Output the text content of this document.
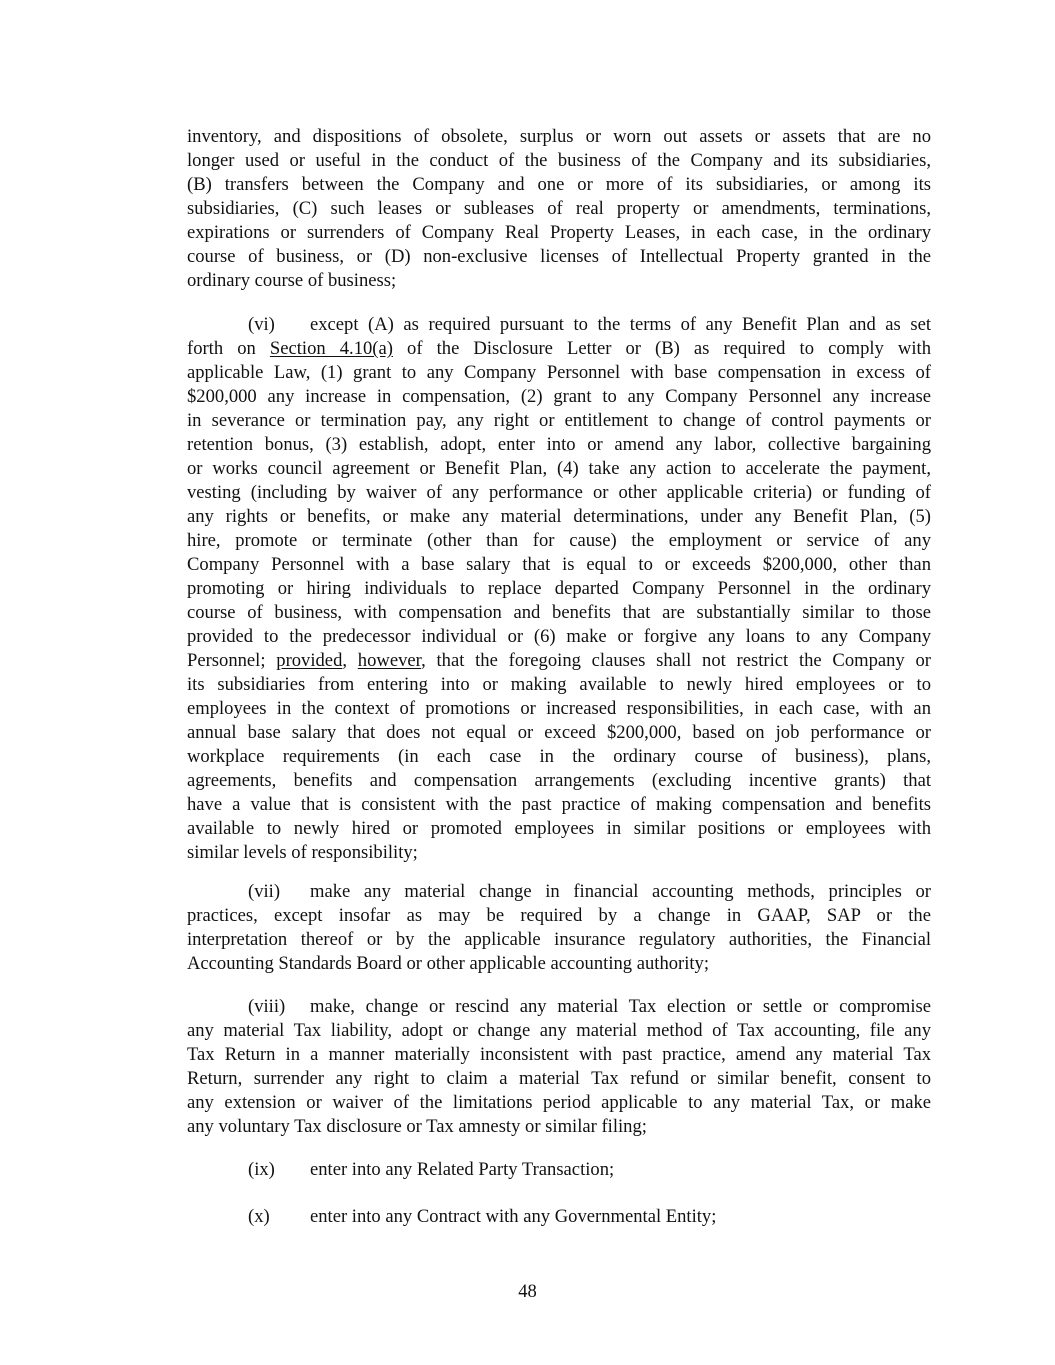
inventory, and dispositions of obsolete, surplus or worn out assets or assets that are no
longer used or useful in the conduct of the business of the Company and its subsidiaries,
(B) transfers between the Company and one or more of its subsidiaries, or among its
subsidiaries, (C) such leases or subleases of real property or amendments, terminations,
expirations or surrenders of Company Real Property Leases, in each case, in the ordinary
course of business, or (D) non-exclusive licenses of Intellectual Property granted in the
ordinary course of business;
(vi) except (A) as required pursuant to the terms of any Benefit Plan and as set
forth on Section 4.10(a) of the Disclosure Letter or (B) as required to comply with
applicable Law, (1) grant to any Company Personnel with base compensation in excess of
$200,000 any increase in compensation, (2) grant to any Company Personnel any increase
in severance or termination pay, any right or entitlement to change of control payments or
retention bonus, (3) establish, adopt, enter into or amend any labor, collective bargaining
or works council agreement or Benefit Plan, (4) take any action to accelerate the payment,
vesting (including by waiver of any performance or other applicable criteria) or funding of
any rights or benefits, or make any material determinations, under any Benefit Plan, (5)
hire, promote or terminate (other than for cause) the employment or service of any
Company Personnel with a base salary that is equal to or exceeds $200,000, other than
promoting or hiring individuals to replace departed Company Personnel in the ordinary
course of business, with compensation and benefits that are substantially similar to those
provided to the predecessor individual or (6) make or forgive any loans to any Company
Personnel; provided, however, that the foregoing clauses shall not restrict the Company or
its subsidiaries from entering into or making available to newly hired employees or to
employees in the context of promotions or increased responsibilities, in each case, with an
annual base salary that does not equal or exceed $200,000, based on job performance or
workplace requirements (in each case in the ordinary course of business), plans,
agreements, benefits and compensation arrangements (excluding incentive grants) that
have a value that is consistent with the past practice of making compensation and benefits
available to newly hired or promoted employees in similar positions or employees with
similar levels of responsibility;
(vii) make any material change in financial accounting methods, principles or
practices, except insofar as may be required by a change in GAAP, SAP or the
interpretation thereof or by the applicable insurance regulatory authorities, the Financial
Accounting Standards Board or other applicable accounting authority;
(viii) make, change or rescind any material Tax election or settle or compromise
any material Tax liability, adopt or change any material method of Tax accounting, file any
Tax Return in a manner materially inconsistent with past practice, amend any material Tax
Return, surrender any right to claim a material Tax refund or similar benefit, consent to
any extension or waiver of the limitations period applicable to any material Tax, or make
any voluntary Tax disclosure or Tax amnesty or similar filing;
(ix) enter into any Related Party Transaction;
(x) enter into any Contract with any Governmental Entity;
48
